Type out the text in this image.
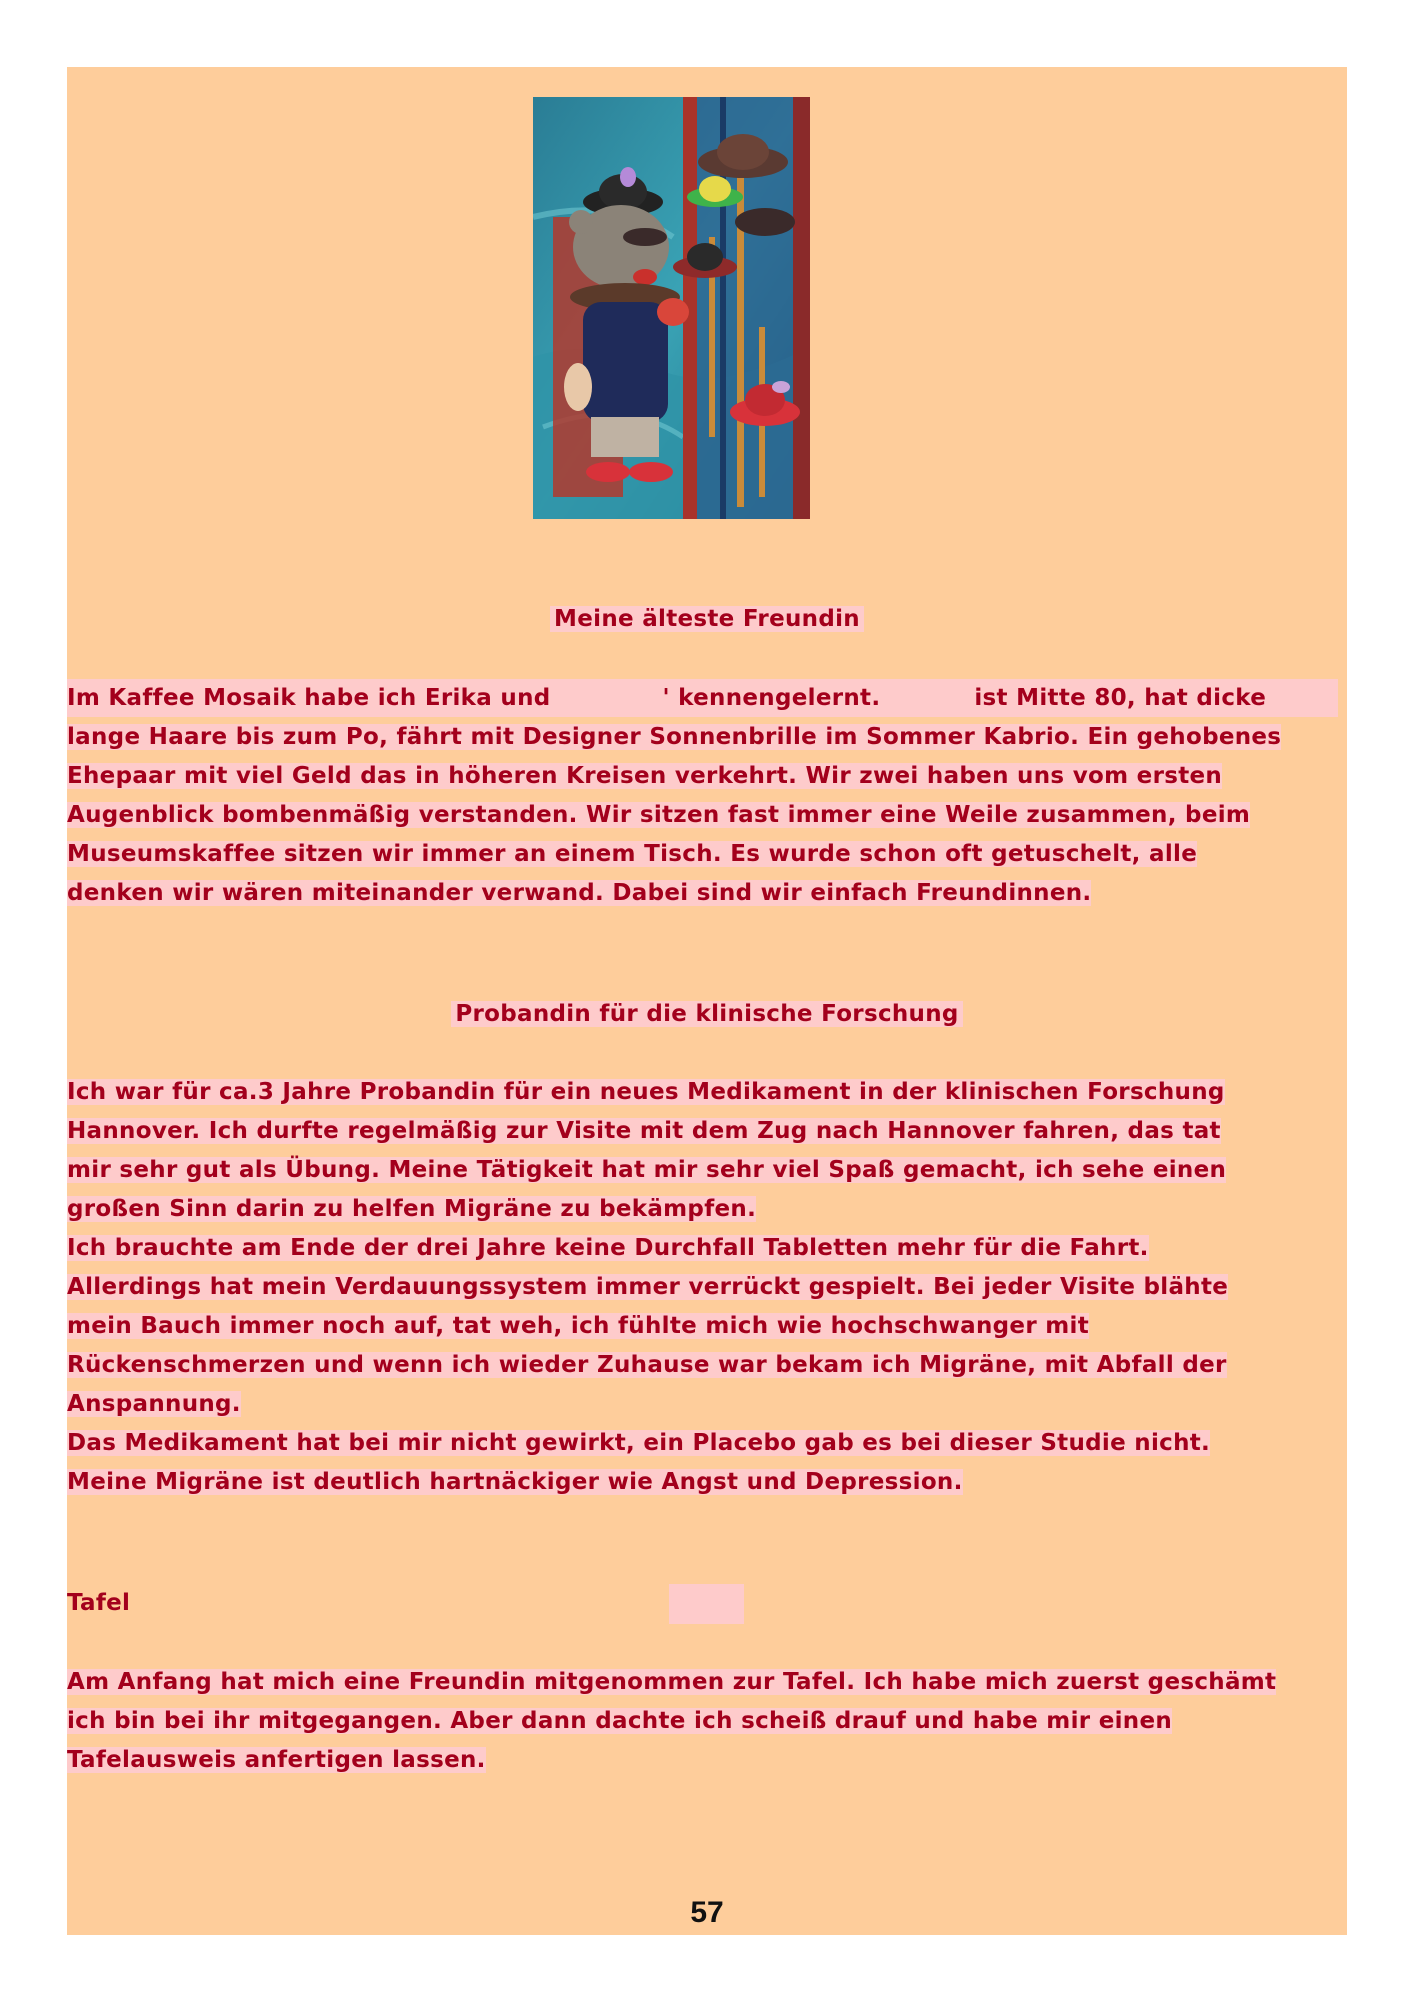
Meine älteste Freundin
Im Kaffee Mosaik habe ich Erika und	' kennengelernt.	ist Mitte 80, hat dicke
lange Haare bis zum Po, fährt mit Designer Sonnenbrille im Sommer Kabrio. Ein gehobenes
Ehepaar mit viel Geld das in höheren Kreisen verkehrt. Wir zwei haben uns vom ersten
Augenblick bombenmäßig verstanden. Wir sitzen fast immer eine Weile zusammen, beim
Museumskaffee sitzen wir immer an einem Tisch. Es wurde schon oft getuschelt, alle
denken wir wären miteinander verwand. Dabei sind wir einfach Freundinnen.
Probandin für die klinische Forschung
Ich war für ca.3 Jahre Probandin für ein neues Medikament in der klinischen Forschung
Hannover. Ich durfte regelmäßig zur Visite mit dem Zug nach Hannover fahren, das tat
mir sehr gut als Übung. Meine Tätigkeit hat mir sehr viel Spaß gemacht, ich sehe einen
großen Sinn darin zu helfen Migräne zu bekämpfen.
Ich brauchte am Ende der drei Jahre keine Durchfall Tabletten mehr für die Fahrt.
Allerdings hat mein Verdauungssystem immer verrückt gespielt. Bei jeder Visite blähte
mein Bauch immer noch auf, tat weh, ich fühlte mich wie hochschwanger mit
Rückenschmerzen und wenn ich wieder Zuhause war bekam ich Migräne, mit Abfall der
Anspannung.
Das Medikament hat bei mir nicht gewirkt, ein Placebo gab es bei dieser Studie nicht.
Meine Migräne ist deutlich hartnäckiger wie Angst und Depression.
Tafel
Am Anfang hat mich eine Freundin mitgenommen zur Tafel. Ich habe mich zuerst geschämt
ich bin bei ihr mitgegangen. Aber dann dachte ich scheiß drauf und habe mir einen
Tafelausweis anfertigen lassen.
57
